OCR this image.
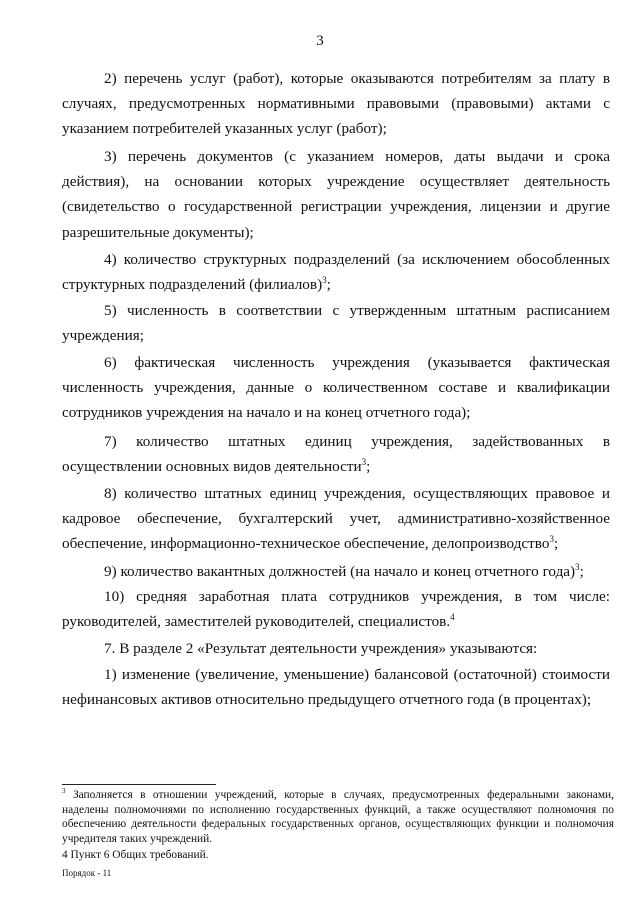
3

2) перечень услуг (работ), которые оказываются потребителям за плату в случаях, предусмотренных нормативными правовыми (правовыми) актами с указанием потребителей указанных услуг (работ);

3) перечень документов (с указанием номеров, даты выдачи и срока действия), на основании которых учреждение осуществляет деятельность (свидетельство о государственной регистрации учреждения, лицензии и другие разрешительные документы);

4) количество структурных подразделений (за исключением обособленных структурных подразделений (филиалов)$^3$;

5) численность в соответствии с утвержденным штатным расписанием учреждения;

6) фактическая численность учреждения (указывается фактическая численность учреждения, данные о количественном составе и квалификации сотрудников учреждения на начало и на конец отчетного года);

7) количество штатных единиц учреждения, задействованных в осуществлении основных видов деятельности$^3$;

8) количество штатных единиц учреждения, осуществляющих правовое и кадровое обеспечение, бухгалтерский учет, административно-хозяйственное обеспечение, информационно-техническое обеспечение, делопроизводство$^3$;

9) количество вакантных должностей (на начало и конец отчетного года)$^3$;

10) средняя заработная плата сотрудников учреждения, в том числе: руководителей, заместителей руководителей, специалистов.$^4$

7. В разделе 2 «Результат деятельности учреждения» указываются:

1) изменение (увеличение, уменьшение) балансовой (остаточной) стоимости нефинансовых активов относительно предыдущего отчетного года (в процентах);

$^3$ Заполняется в отношении учреждений, которые в случаях, предусмотренных федеральными законами, наделены полномочиями по исполнению государственных функций, а также осуществляют полномочия по обеспечению деятельности федеральных государственных органов, осуществляющих функции и полномочия учредителя таких учреждений.

4 Пункт 6 Общих требований.

Порядок - 11
